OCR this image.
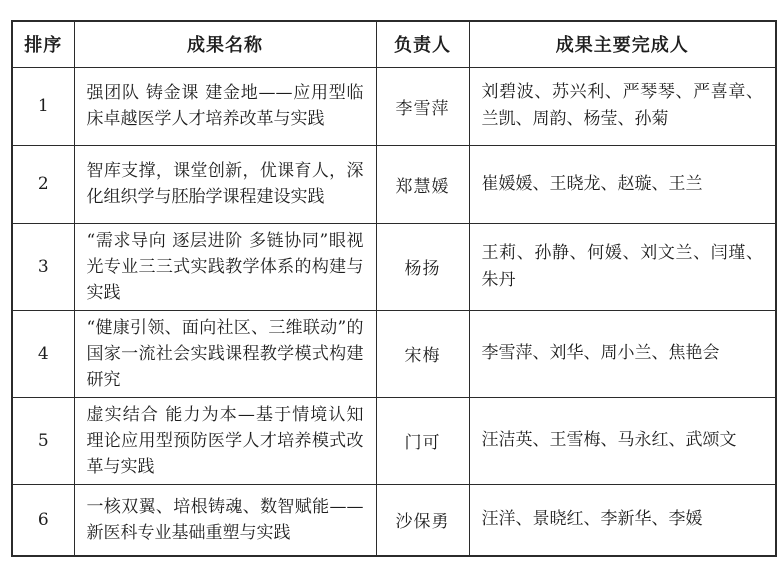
排序	成果名称	负责人	成果主要完成人
1	强团队 铸金课 建金地——应用型临床卓越医学人才培养改革与实践	李雪萍	刘碧波、苏兴利、严琴琴、严喜章、兰凯、周韵、杨莹、孙菊
2	智库支撑，课堂创新，优课育人，深化组织学与胚胎学课程建设实践	郑慧媛	崔媛媛、王晓龙、赵璇、王兰
3	“需求导向 逐层进阶 多链协同”眼视光专业三三式实践教学体系的构建与实践	杨扬	王莉、孙静、何媛、刘文兰、闫瑾、朱丹
4	“健康引领、面向社区、三维联动”的国家一流社会实践课程教学模式构建研究	宋梅	李雪萍、刘华、周小兰、焦艳会
5	虚实结合 能力为本—基于情境认知理论应用型预防医学人才培养模式改革与实践	门可	汪洁英、王雪梅、马永红、武颂文
6	一核双翼、培根铸魂、数智赋能——新医科专业基础重塑与实践	沙保勇	汪洋、景晓红、李新华、李媛
